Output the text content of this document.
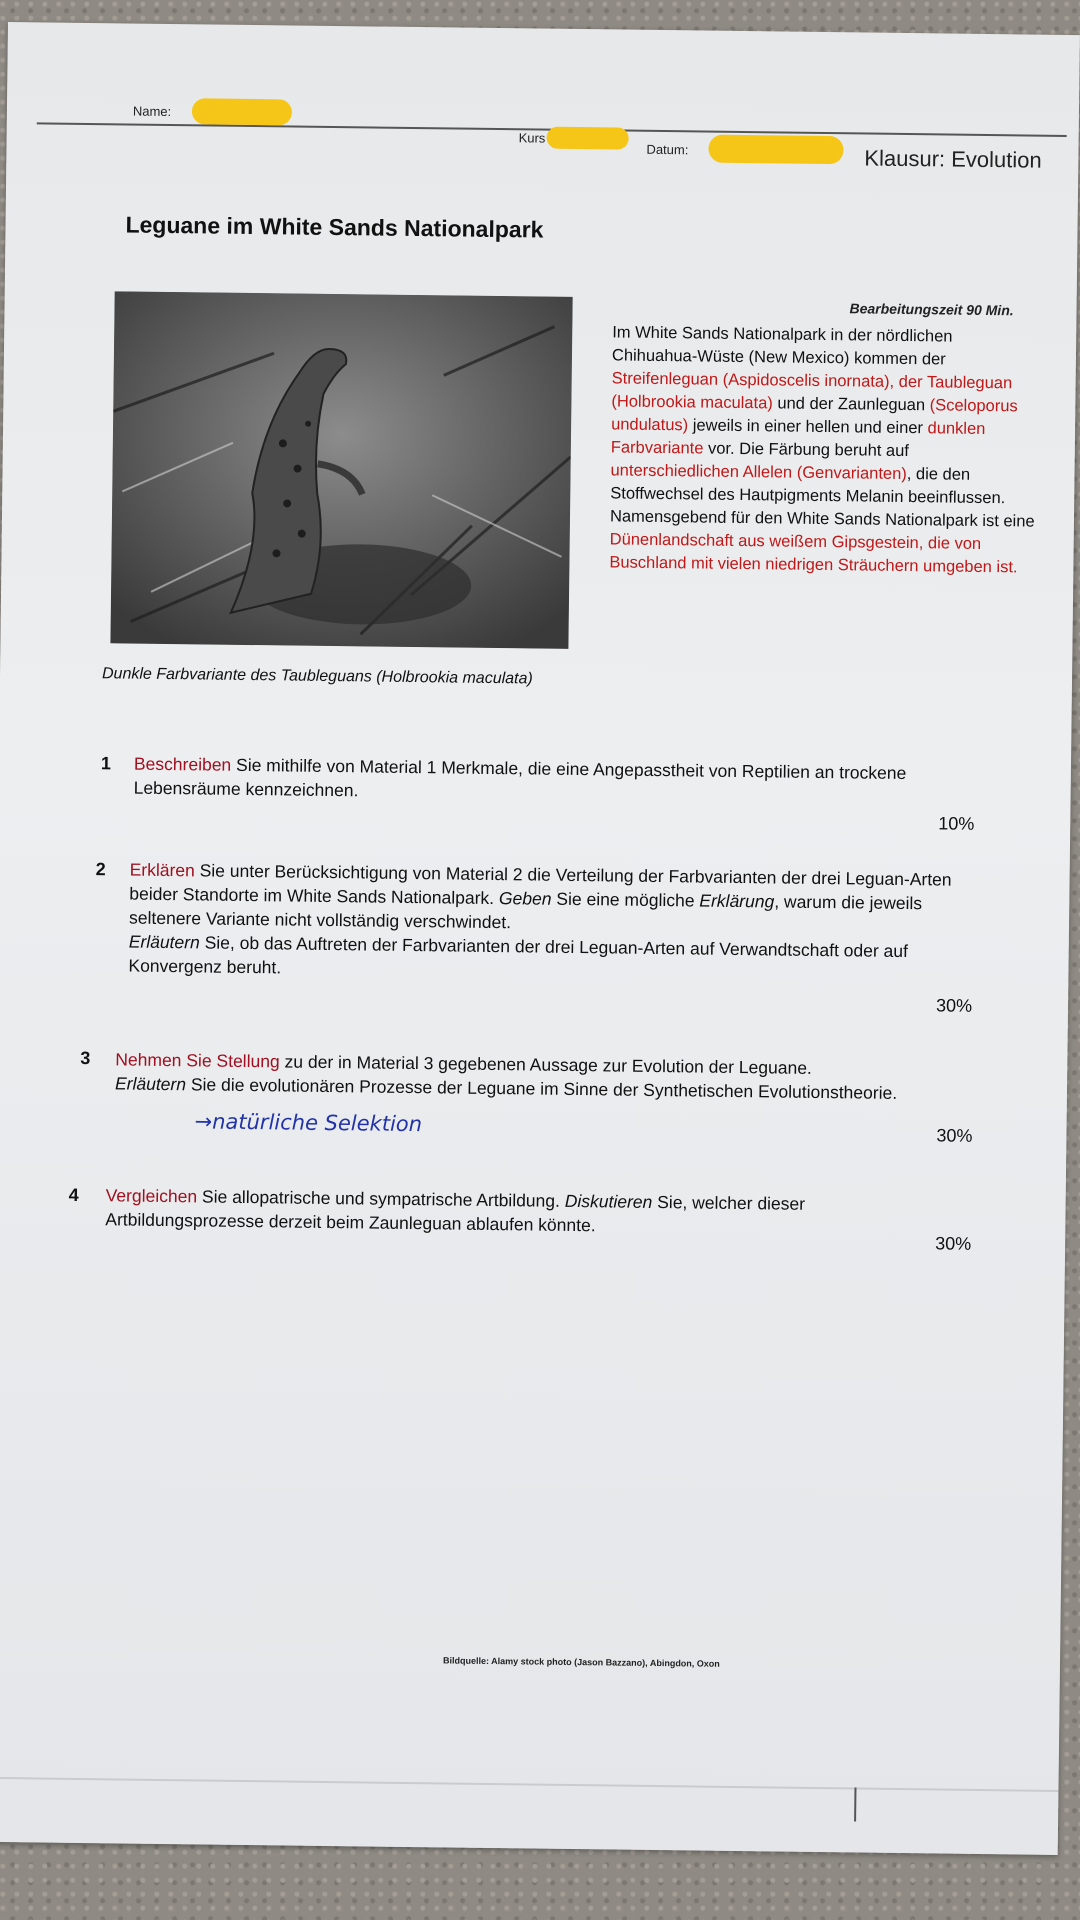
Name:
Kurs
Datum:	Klausur: Evolution
Leguane im White Sands Nationalpark
Bearbeitungszeit 90 Min.
Dunkle Farbvariante des Taubleguans (Holbrookia maculata)
Im White Sands Nationalpark in der nördlichen Chihuahua-Wüste (New Mexico) kommen der Streifenleguan (Aspidoscelis inornata), der Taubleguan (Holbrookia maculata) und der Zaunleguan (Sceloporus undulatus) jeweils in einer hellen und einer dunklen Farbvariante vor. Die Färbung beruht auf unterschiedlichen Allelen (Genvarianten), die den Stoffwechsel des Hautpigments Melanin beeinflussen. Namensgebend für den White Sands Nationalpark ist eine Dünenlandschaft aus weißem Gipsgestein, die von Buschland mit vielen niedrigen Sträuchern umgeben ist.
1 Beschreiben Sie mithilfe von Material 1 Merkmale, die eine Angepasstheit von Reptilien an trockene Lebensräume kennzeichnen.
10%
2 Erklären Sie unter Berücksichtigung von Material 2 die Verteilung der Farbvarianten der drei Leguan-Arten beider Standorte im White Sands Nationalpark. Geben Sie eine mögliche Erklärung, warum die jeweils seltenere Variante nicht vollständig verschwindet.
Erläutern Sie, ob das Auftreten der Farbvarianten der drei Leguan-Arten auf Verwandtschaft oder auf Konvergenz beruht.
30%
3 Nehmen Sie Stellung zu der in Material 3 gegebenen Aussage zur Evolution der Leguane.
Erläutern Sie die evolutionären Prozesse der Leguane im Sinne der Synthetischen Evolutionstheorie.
→natürliche Selektion	30%
4 Vergleichen Sie allopatrische und sympatrische Artbildung. Diskutieren Sie, welcher dieser Artbildungsprozesse derzeit beim Zaunleguan ablaufen könnte.
30%
Bildquelle: Alamy stock photo (Jason Bazzano), Abingdon, Oxon
